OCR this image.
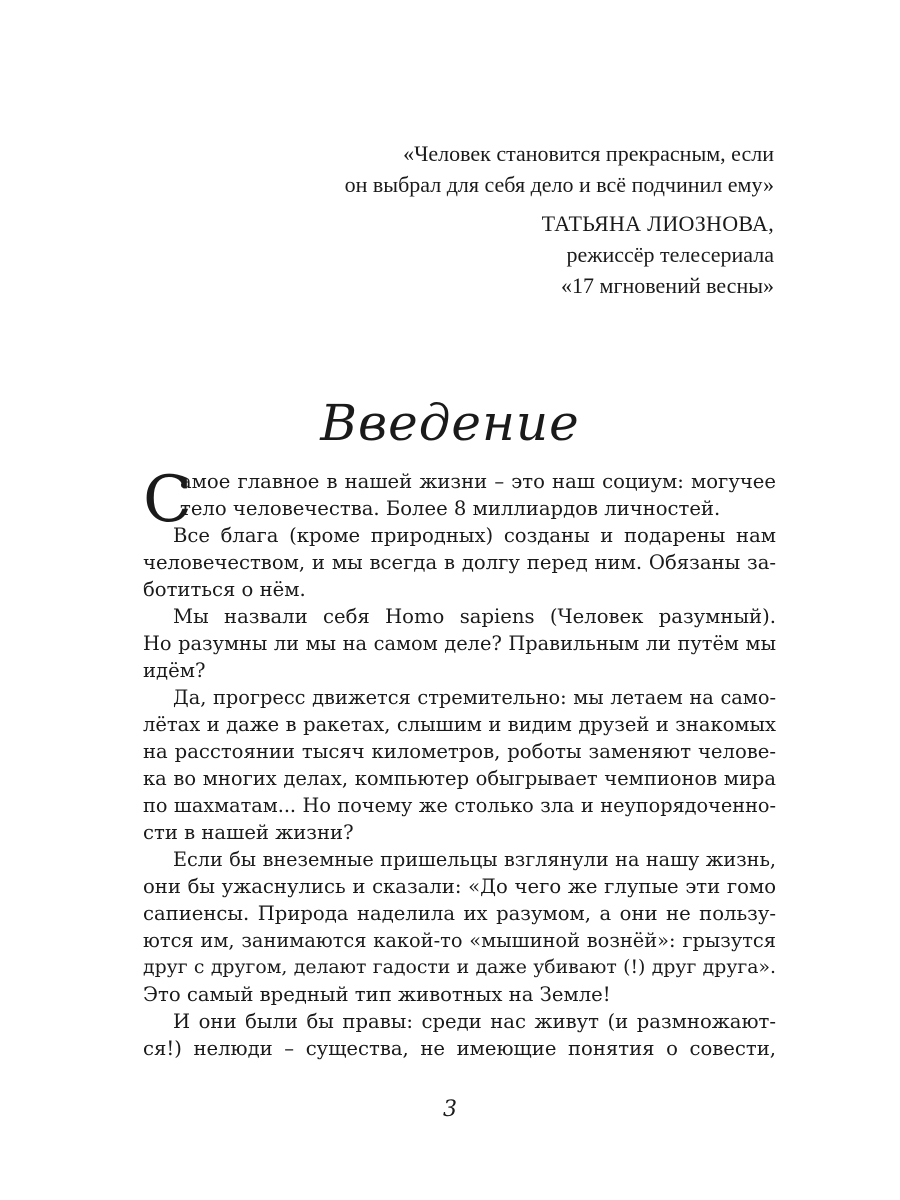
«Человек становится прекрасным, если
он выбрал для себя дело и всё подчинил ему»
ТАТЬЯНА ЛИОЗНОВА,
режиссёр телесериала
«17 мгновений весны»
Введение
С
амое главное в нашей жизни – это наш социум: могучее
тело человечества. Более 8 миллиардов личностей.
Все блага (кроме природных) созданы и подарены нам
человечеством, и мы всегда в долгу перед ним. Обязаны за-
ботиться о нём.
Мы назвали себя Homo sapiens (Человек разумный).
Но разумны ли мы на самом деле? Правильным ли путём мы
идём?
Да, прогресс движется стремительно: мы летаем на само-
лётах и даже в ракетах, слышим и видим друзей и знакомых
на расстоянии тысяч километров, роботы заменяют челове-
ка во многих делах, компьютер обыгрывает чемпионов мира
по шахматам... Но почему же столько зла и неупорядоченно-
сти в нашей жизни?
Если бы внеземные пришельцы взглянули на нашу жизнь,
они бы ужаснулись и сказали: «До чего же глупые эти гомо
сапиенсы. Природа наделила их разумом, а они не пользу-
ются им, занимаются какой-то «мышиной вознёй»: грызутся
друг с другом, делают гадости и даже убивают (!) друг друга».
Это самый вредный тип животных на Земле!
И они были бы правы: среди нас живут (и размножают-
ся!) нелюди – существа, не имеющие понятия о совести,
3
